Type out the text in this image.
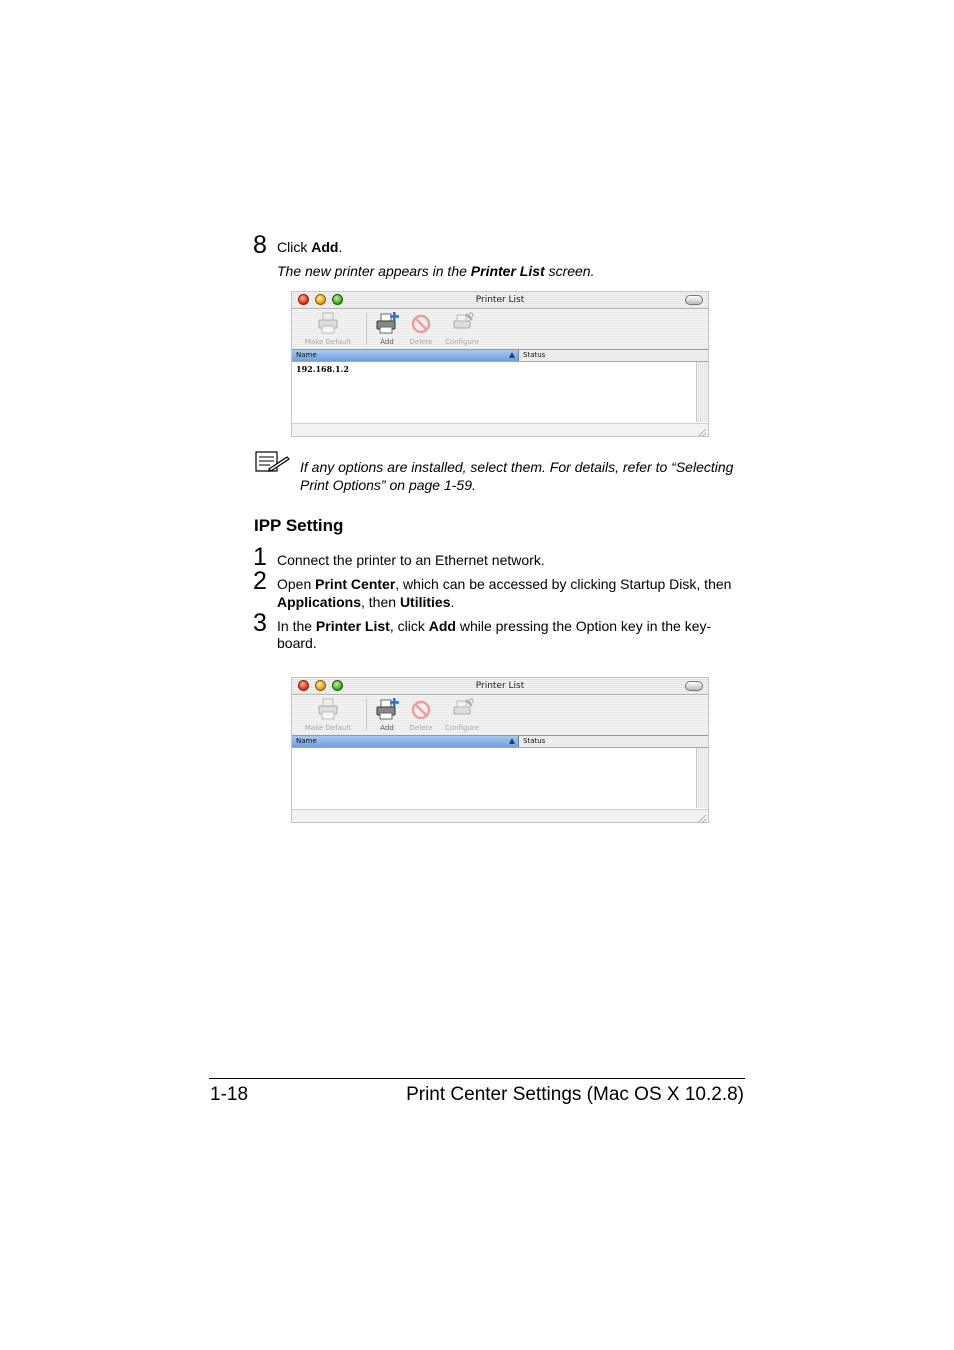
8 Click Add.
The new printer appears in the Printer List screen.
Printer List
Make Default	Add	Delete	Configure
Name	Status
192.168.1.2
If any options are installed, select them. For details, refer to “Selecting
Print Options” on page 1-59.
IPP Setting
1 Connect the printer to an Ethernet network.
2 Open Print Center, which can be accessed by clicking Startup Disk, then
Applications, then Utilities.
3 In the Printer List, click Add while pressing the Option key in the key-
board.
Printer List
Make Default	Add	Delete	Configure
Name	Status
1-18	Print Center Settings (Mac OS X 10.2.8)
